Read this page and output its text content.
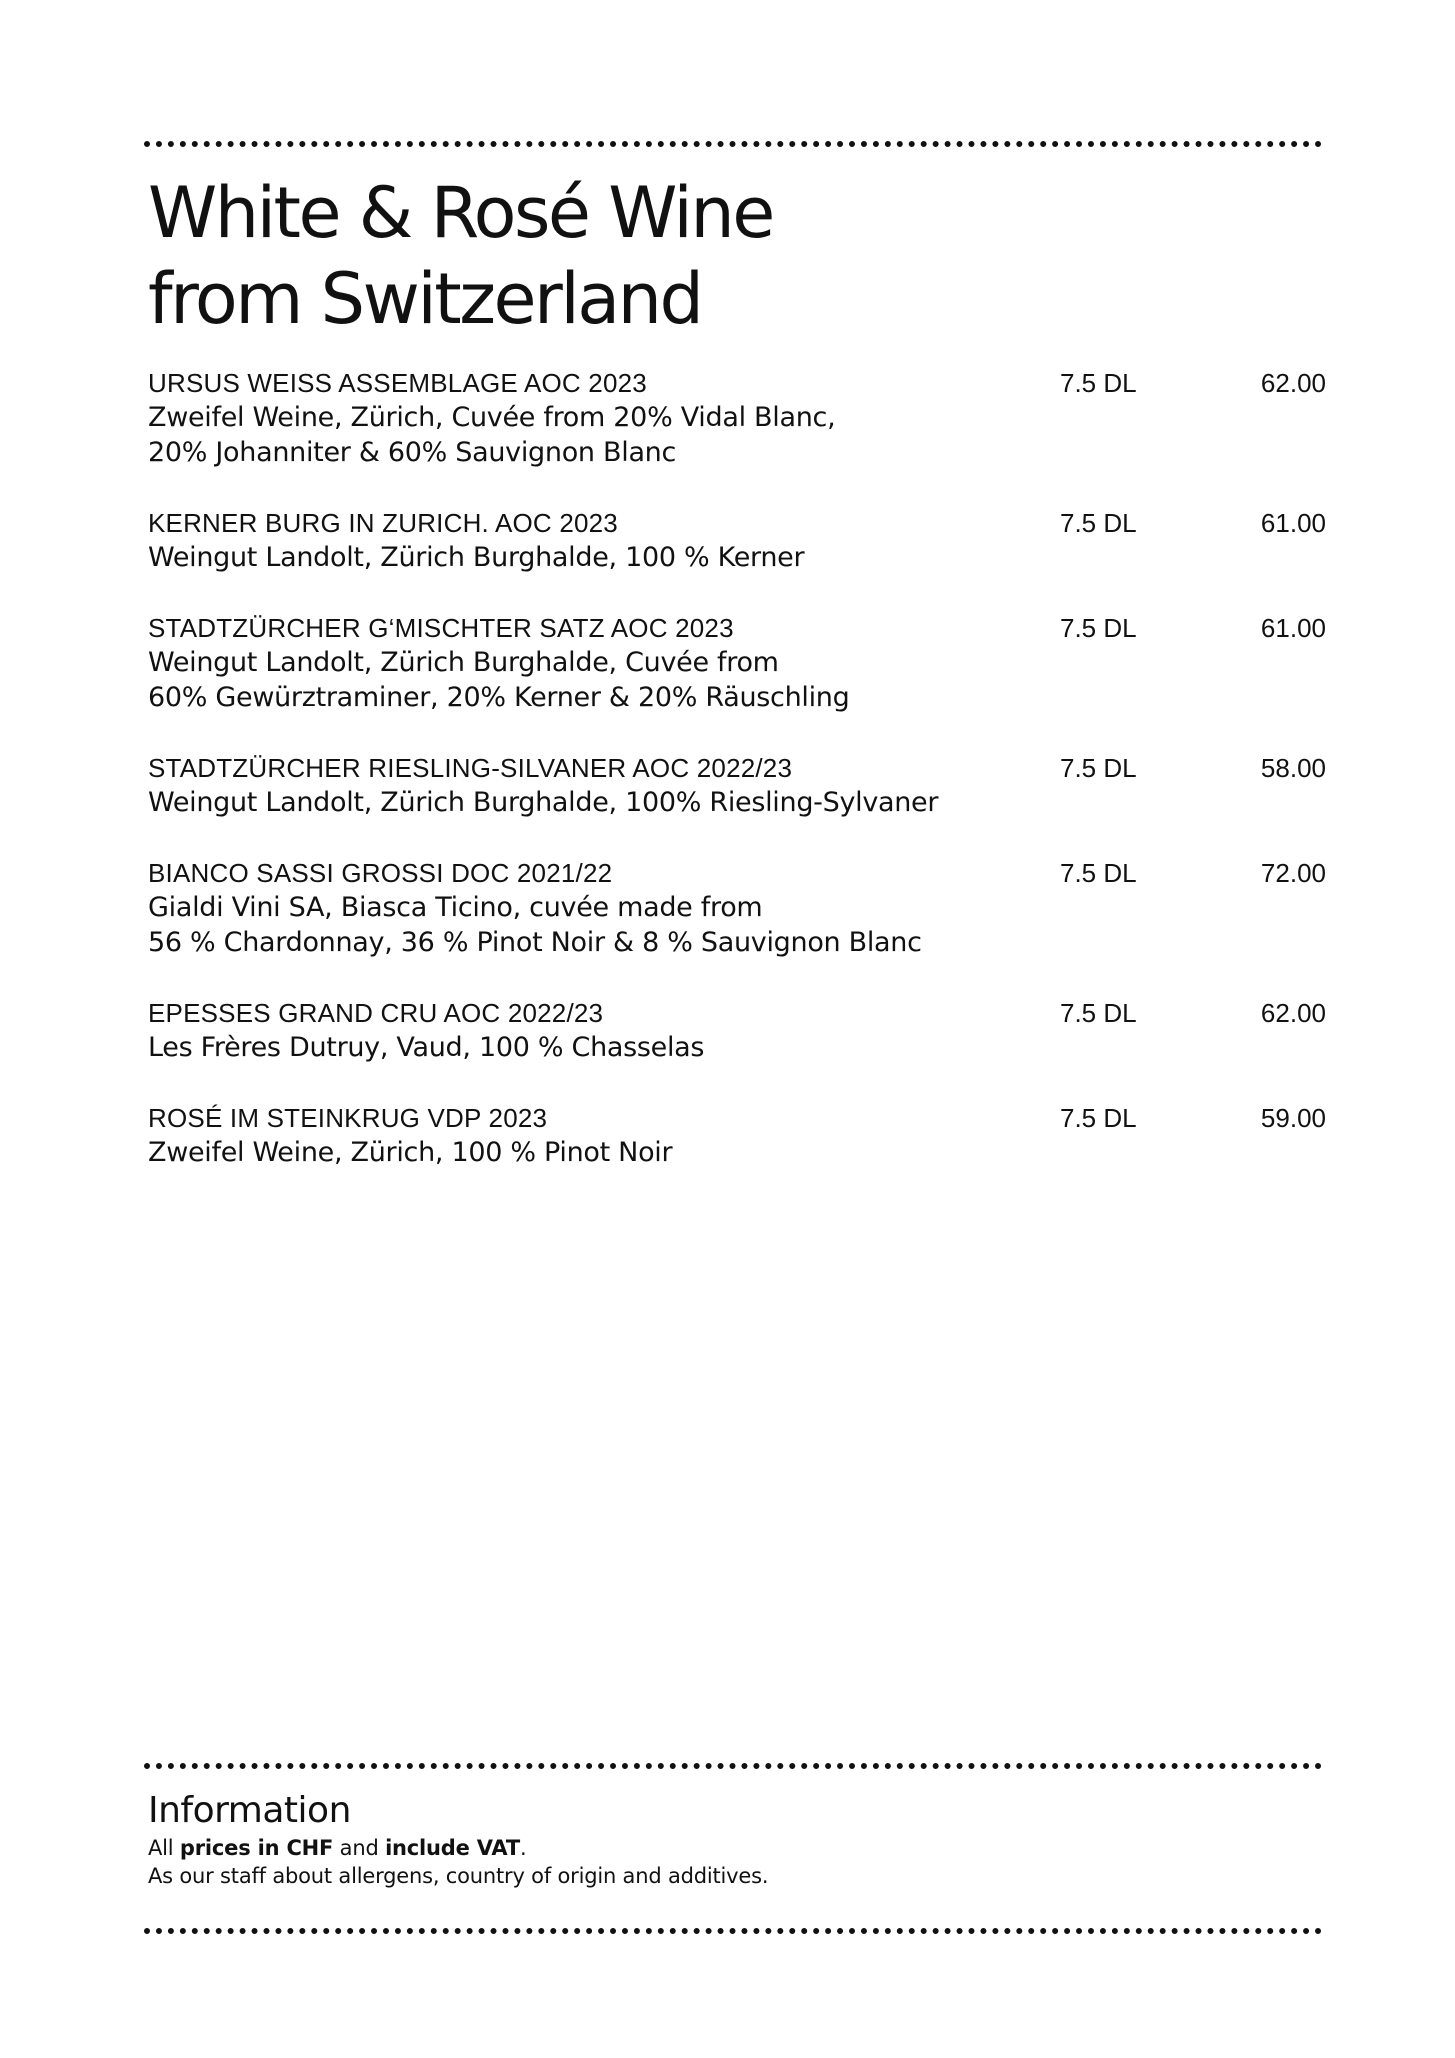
White & Rosé Wine
from Switzerland
URSUS WEISS ASSEMBLAGE AOC 2023
Zweifel Weine, Zürich, Cuvée from 20% Vidal Blanc,
20% Johanniter & 60% Sauvignon Blanc
7.5 DL	62.00
KERNER BURG IN ZURICH. AOC 2023
Weingut Landolt, Zürich Burghalde, 100 % Kerner
7.5 DL	61.00
STADTZÜRCHER G‘MISCHTER SATZ AOC 2023
Weingut Landolt, Zürich Burghalde, Cuvée from
60% Gewürztraminer, 20% Kerner & 20% Räuschling
7.5 DL	61.00
STADTZÜRCHER RIESLING-SILVANER AOC 2022/23
Weingut Landolt, Zürich Burghalde, 100% Riesling-Sylvaner
7.5 DL	58.00
BIANCO SASSI GROSSI DOC 2021/22
Gialdi Vini SA, Biasca Ticino, cuvée made from
56 % Chardonnay, 36 % Pinot Noir & 8 % Sauvignon Blanc
7.5 DL	72.00
EPESSES GRAND CRU AOC 2022/23
Les Frères Dutruy, Vaud, 100 % Chasselas
7.5 DL	62.00
ROSÉ IM STEINKRUG VDP 2023
Zweifel Weine, Zürich, 100 % Pinot Noir
7.5 DL	59.00
Information
All prices in CHF and include VAT.
As our staff about allergens, country of origin and additives.
